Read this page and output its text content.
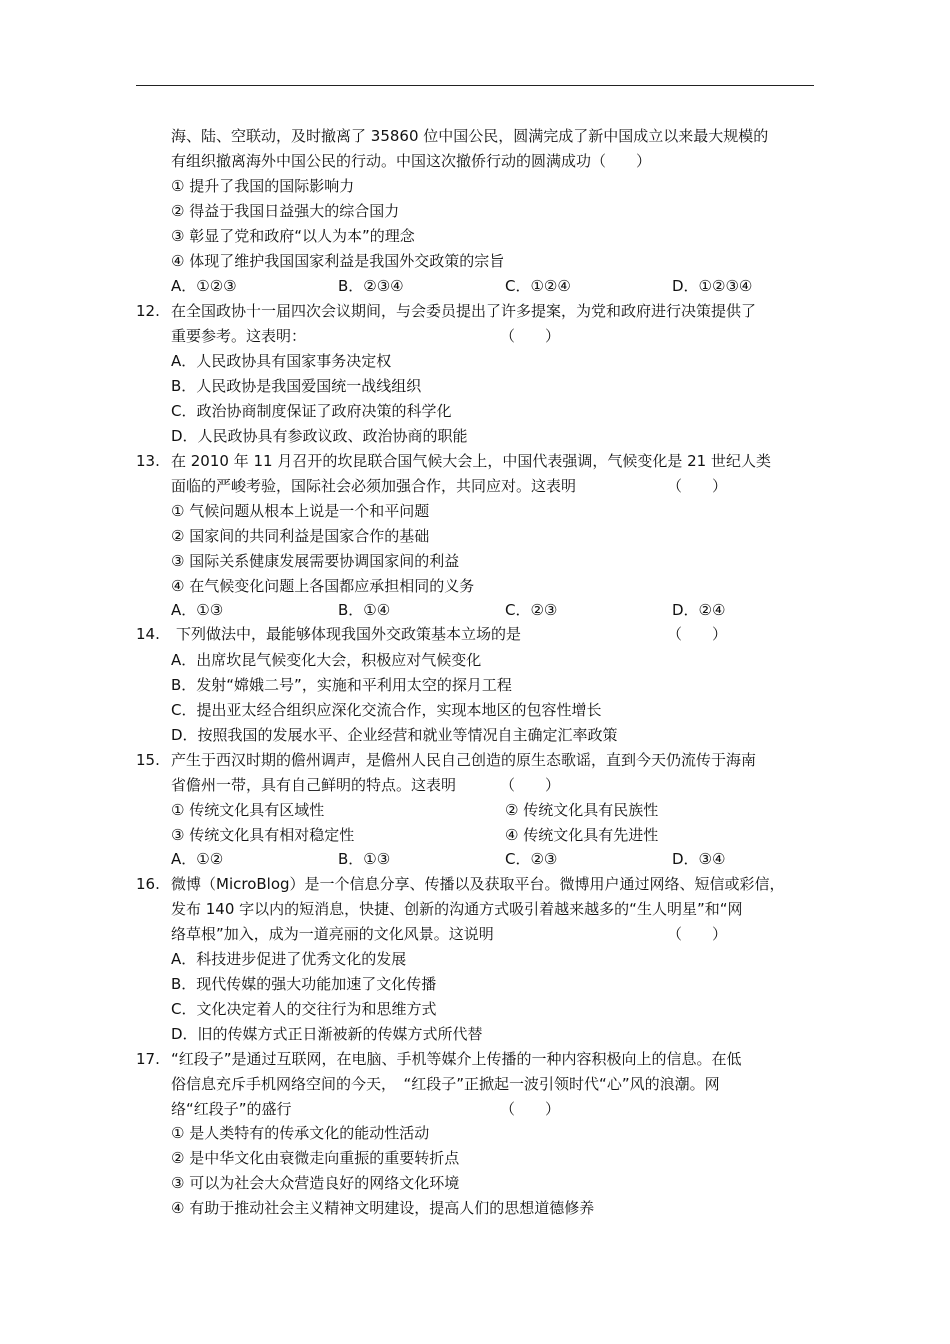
海、陆、空联动，及时撤离了 35860 位中国公民，圆满完成了新中国成立以来最大规模的
有组织撤离海外中国公民的行动。中国这次撤侨行动的圆满成功（　　）
① 提升了我国的国际影响力
② 得益于我国日益强大的综合国力
③ 彰显了党和政府“以人为本”的理念
④ 体现了维护我国国家利益是我国外交政策的宗旨
A．①②③	B．②③④	C．①②④	D．①②③④
12. 在全国政协十一届四次会议期间，与会委员提出了许多提案，为党和政府进行决策提供了
重要参考。这表明：	（　　）
A．人民政协具有国家事务决定权
B．人民政协是我国爱国统一战线组织
C．政治协商制度保证了政府决策的科学化
D．人民政协具有参政议政、政治协商的职能
13. 在 2010 年 11 月召开的坎昆联合国气候大会上，中国代表强调，气候变化是 21 世纪人类
面临的严峻考验，国际社会必须加强合作，共同应对。这表明	（　　）
① 气候问题从根本上说是一个和平问题
② 国家间的共同利益是国家合作的基础
③ 国际关系健康发展需要协调国家间的利益
④ 在气候变化问题上各国都应承担相同的义务
A．①③	B．①④	C．②③	D．②④
14. 下列做法中，最能够体现我国外交政策基本立场的是	（　　）
A．出席坎昆气候变化大会，积极应对气候变化
B．发射“嫦娥二号”，实施和平利用太空的探月工程
C．提出亚太经合组织应深化交流合作，实现本地区的包容性增长
D．按照我国的发展水平、企业经营和就业等情况自主确定汇率政策
15. 产生于西汉时期的儋州调声，是儋州人民自己创造的原生态歌谣，直到今天仍流传于海南
省儋州一带，具有自己鲜明的特点。这表明	（　　）
① 传统文化具有区域性	② 传统文化具有民族性
③ 传统文化具有相对稳定性	④ 传统文化具有先进性
A．①②	B．①③	C．②③	D．③④
16. 微博（MicroBlog）是一个信息分享、传播以及获取平台。微博用户通过网络、短信或彩信，
发布 140 字以内的短消息，快捷、创新的沟通方式吸引着越来越多的“生人明星”和“网
络草根”加入，成为一道亮丽的文化风景。这说明	（　　）
A．科技进步促进了优秀文化的发展
B．现代传媒的强大功能加速了文化传播
C．文化决定着人的交往行为和思维方式
D．旧的传媒方式正日渐被新的传媒方式所代替
17. “红段子”是通过互联网，在电脑、手机等媒介上传播的一种内容积极向上的信息。在低
俗信息充斥手机网络空间的今天，　“红段子”正掀起一波引领时代“心”风的浪潮。网
络“红段子”的盛行	（　　）
① 是人类特有的传承文化的能动性活动
② 是中华文化由衰微走向重振的重要转折点
③ 可以为社会大众营造良好的网络文化环境
④ 有助于推动社会主义精神文明建设，提高人们的思想道德修养
